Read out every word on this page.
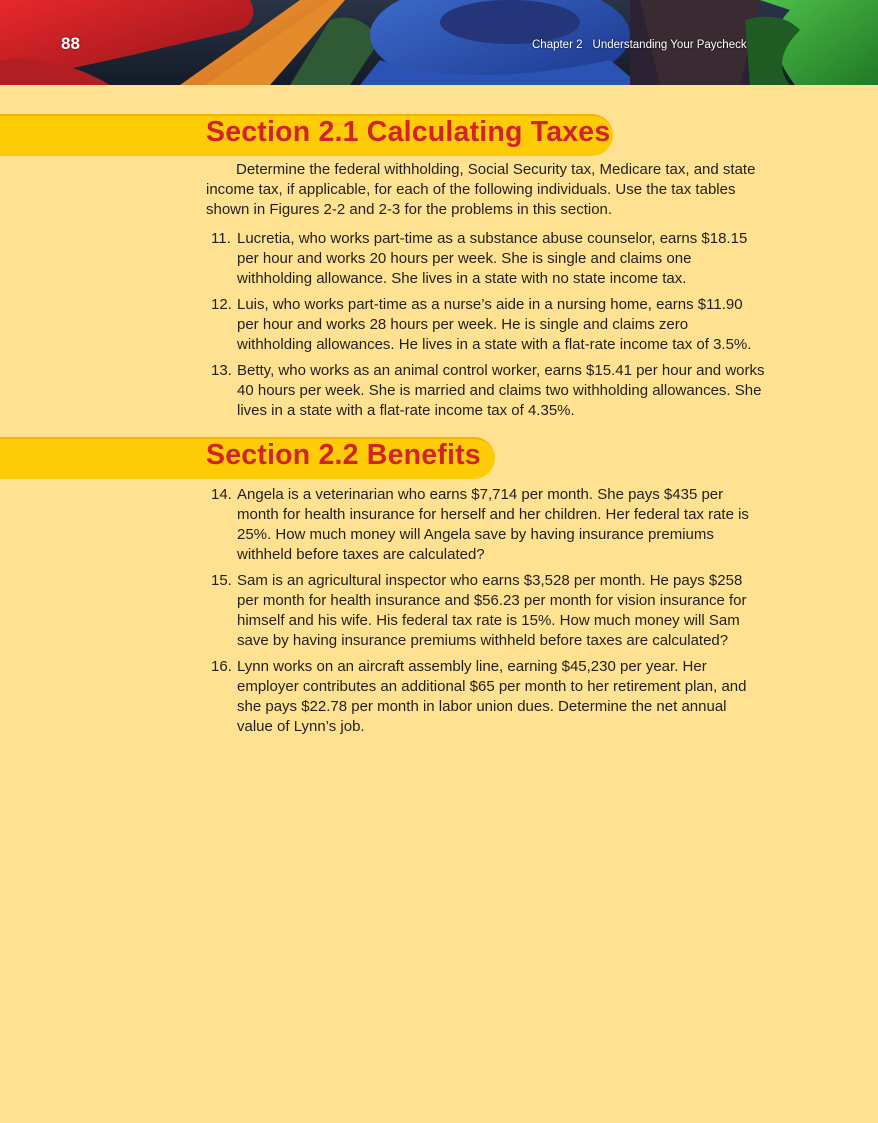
88	Chapter 2 Understanding Your Paycheck
Section 2.1 Calculating Taxes

Determine the federal withholding, Social Security tax, Medicare tax, and state income tax, if applicable, for each of the following individuals. Use the tax tables shown in Figures 2-2 and 2-3 for the problems in this section.

11. Lucretia, who works part-time as a substance abuse counselor, earns $18.15 per hour and works 20 hours per week. She is single and claims one withholding allowance. She lives in a state with no state income tax.
12. Luis, who works part-time as a nurse’s aide in a nursing home, earns $11.90 per hour and works 28 hours per week. He is single and claims zero withholding allowances. He lives in a state with a flat-rate income tax of 3.5%.
13. Betty, who works as an animal control worker, earns $15.41 per hour and works 40 hours per week. She is married and claims two withholding allowances. She lives in a state with a flat-rate income tax of 4.35%.
Section 2.2 Benefits
14. Angela is a veterinarian who earns $7,714 per month. She pays $435 per month for health insurance for herself and her children. Her federal tax rate is 25%. How much money will Angela save by having insurance premiums withheld before taxes are calculated?
15. Sam is an agricultural inspector who earns $3,528 per month. He pays $258 per month for health insurance and $56.23 per month for vision insurance for himself and his wife. His federal tax rate is 15%. How much money will Sam save by having insurance premiums withheld before taxes are calculated?
16. Lynn works on an aircraft assembly line, earning $45,230 per year. Her employer contributes an additional $65 per month to her retirement plan, and she pays $22.78 per month in labor union dues. Determine the net annual value of Lynn’s job.
